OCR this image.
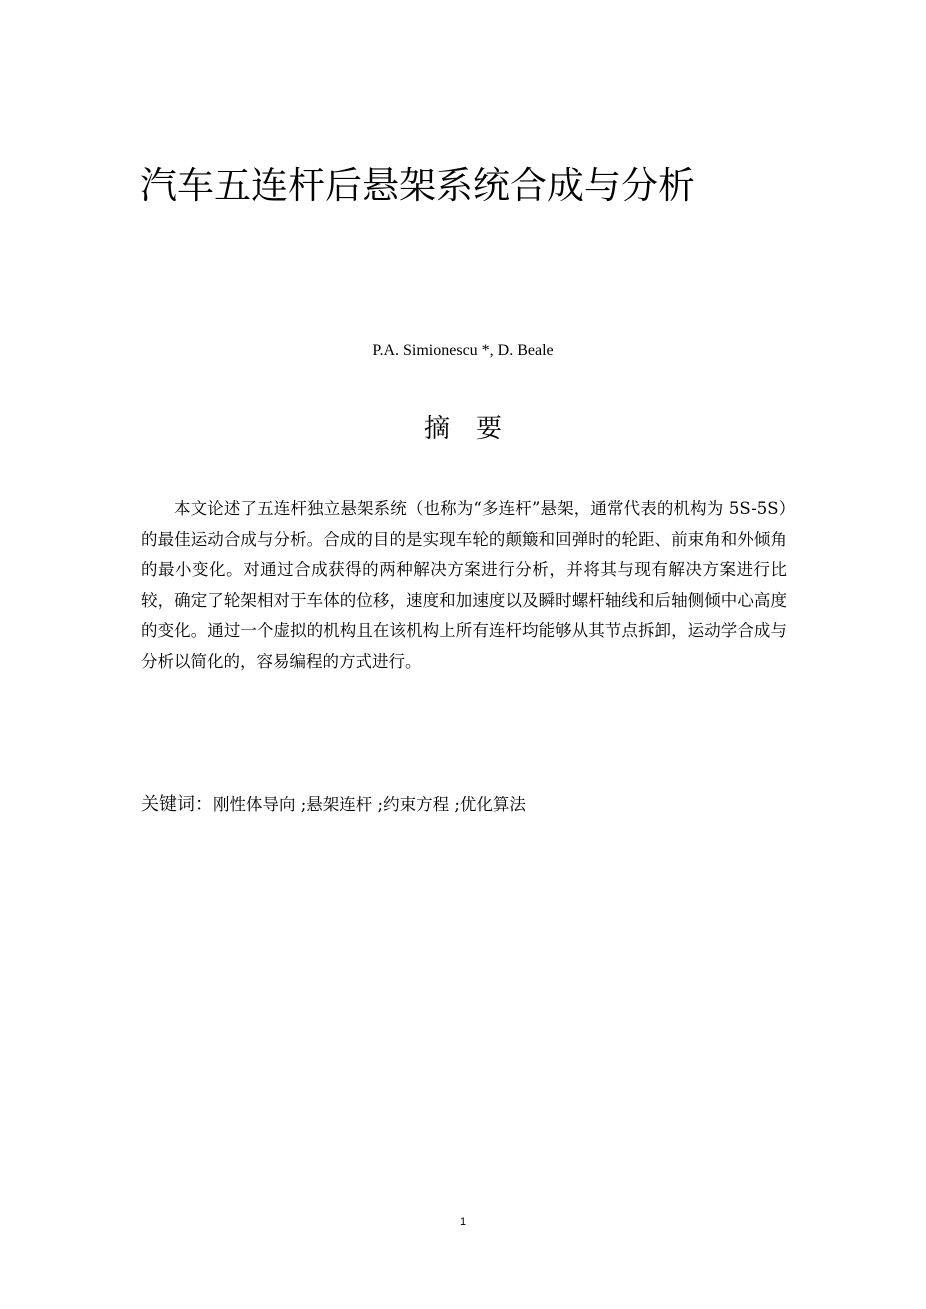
汽车五连杆后悬架系统合成与分析
P.A. Simionescu *, D. Beale
摘　要
本文论述了五连杆独立悬架系统（也称为“多连杆”悬架，通常代表的机构为 5S-5S）的最佳运动合成与分析。合成的目的是实现车轮的颠簸和回弹时的轮距、前束角和外倾角的最小变化。对通过合成获得的两种解决方案进行分析，并将其与现有解决方案进行比较，确定了轮架相对于车体的位移，速度和加速度以及瞬时螺杆轴线和后轴侧倾中心高度的变化。通过一个虚拟的机构且在该机构上所有连杆均能够从其节点拆卸，运动学合成与分析以简化的，容易编程的方式进行。
关键词：刚性体导向 ;悬架连杆 ;约束方程 ;优化算法
1
